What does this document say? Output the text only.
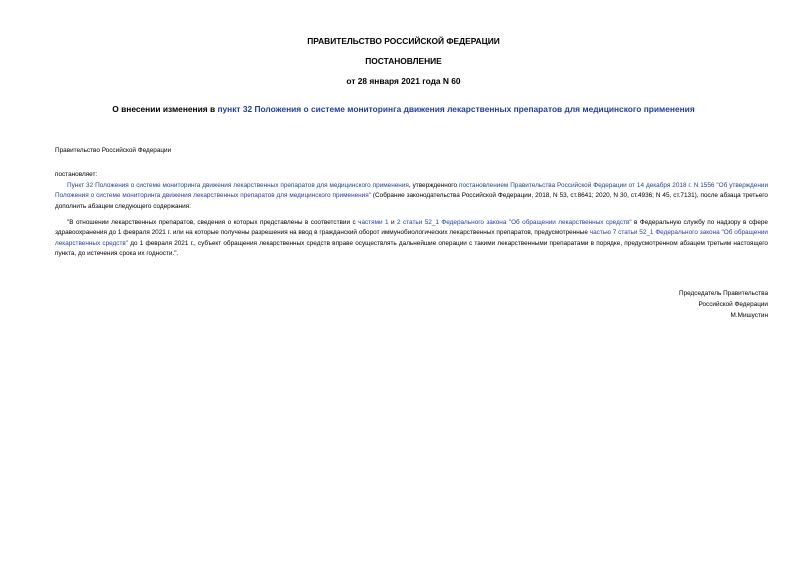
ПРАВИТЕЛЬСТВО РОССИЙСКОЙ ФЕДЕРАЦИИ
ПОСТАНОВЛЕНИЕ
от 28 января 2021 года N 60
О внесении изменения в пункт 32 Положения о системе мониторинга движения лекарственных препаратов для медицинского применения
Правительство Российской Федерации
постановляет:
Пункт 32 Положения о системе мониторинга движения лекарственных препаратов для медицинского применения, утвержденного постановлением Правительства Российской Федерации от 14 декабря 2018 г. N 1556 "Об утверждении Положения о системе мониторинга движения лекарственных препаратов для медицинского применения" (Собрание законодательства Российской Федерации, 2018, N 53, ст.8641; 2020, N 30, ст.4936; N 45, ст.7131), после абзаца третьего дополнить абзацем следующего содержания:
"В отношении лекарственных препаратов, сведения о которых представлены в соответствии с частями 1 и 2 статьи 52_1 Федерального закона "Об обращении лекарственных средств" в Федеральную службу по надзору в сфере здравоохранения до 1 февраля 2021 г. или на которые получены разрешения на ввод в гражданский оборот иммунобиологических лекарственных препаратов, предусмотренные частью 7 статьи 52_1 Федерального закона "Об обращении лекарственных средств" до 1 февраля 2021 г., субъект обращения лекарственных средств вправе осуществлять дальнейшие операции с такими лекарственными препаратами в порядке, предусмотренном абзацем третьим настоящего пункта, до истечения срока их годности.".
Председатель Правительства
Российской Федерации
М.Мишустин
